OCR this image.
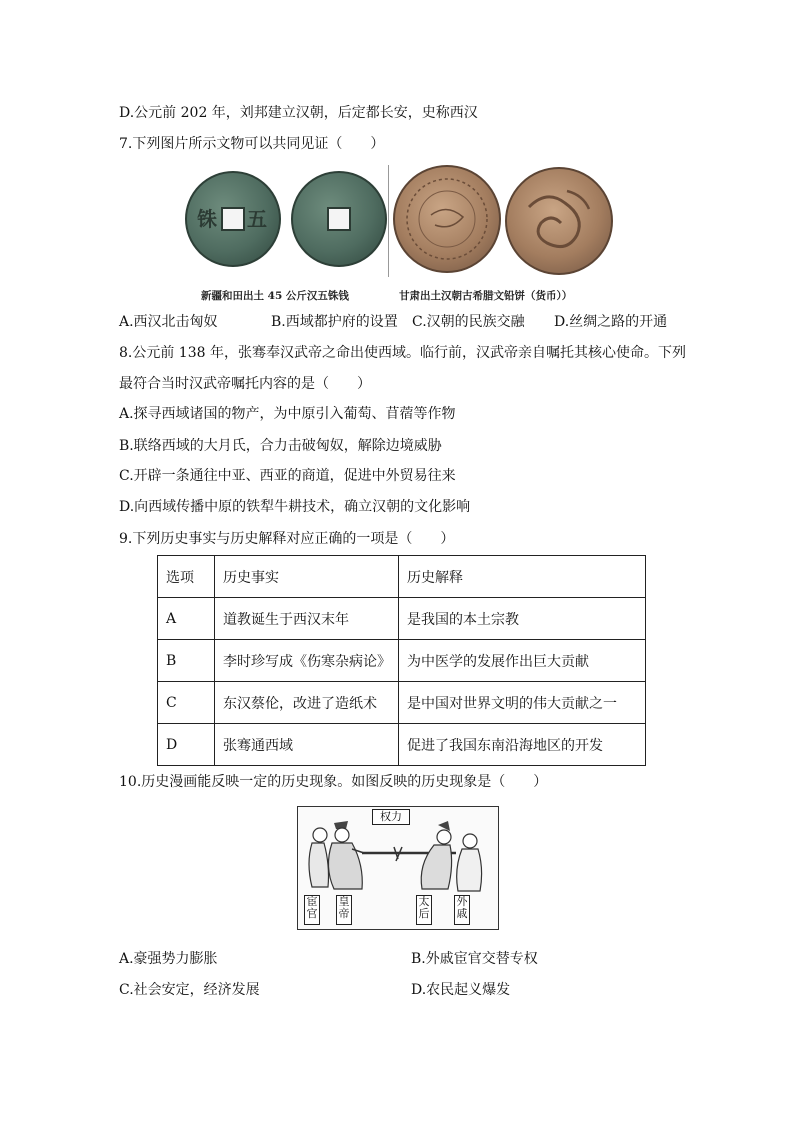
D.公元前 202 年，刘邦建立汉朝，后定都长安，史称西汉
7.下列图片所示文物可以共同见证（　　）
铢 五
新疆和田出土 45 公斤汉五铢钱	甘肃出土汉朝古希腊文铅饼（货币））
A.西汉北击匈奴	B.西域都护府的设置 C.汉朝的民族交融 D.丝绸之路的开通
8.公元前 138 年，张骞奉汉武帝之命出使西域。临行前，汉武帝亲自嘱托其核心使命。下列
最符合当时汉武帝嘱托内容的是（　　）
A.探寻西域诸国的物产，为中原引入葡萄、苜蓿等作物
B.联络西域的大月氏，合力击破匈奴，解除边境威胁
C.开辟一条通往中亚、西亚的商道，促进中外贸易往来
D.向西域传播中原的铁犁牛耕技术，确立汉朝的文化影响
9.下列历史事实与历史解释对应正确的一项是（　　）
选项	历史事实	历史解释
A	道教诞生于西汉末年	是我国的本土宗教
B	李时珍写成《伤寒杂病论》	为中医学的发展作出巨大贡献
C	东汉蔡伦，改进了造纸术	是中国对世界文明的伟大贡献之一
D	张骞通西域	促进了我国东南沿海地区的开发
10.历史漫画能反映一定的历史现象。如图反映的历史现象是（　　）
权力
宦官
皇帝
太后
外戚
A.豪强势力膨胀	B.外戚宦官交替专权
C.社会安定，经济发展	D.农民起义爆发
